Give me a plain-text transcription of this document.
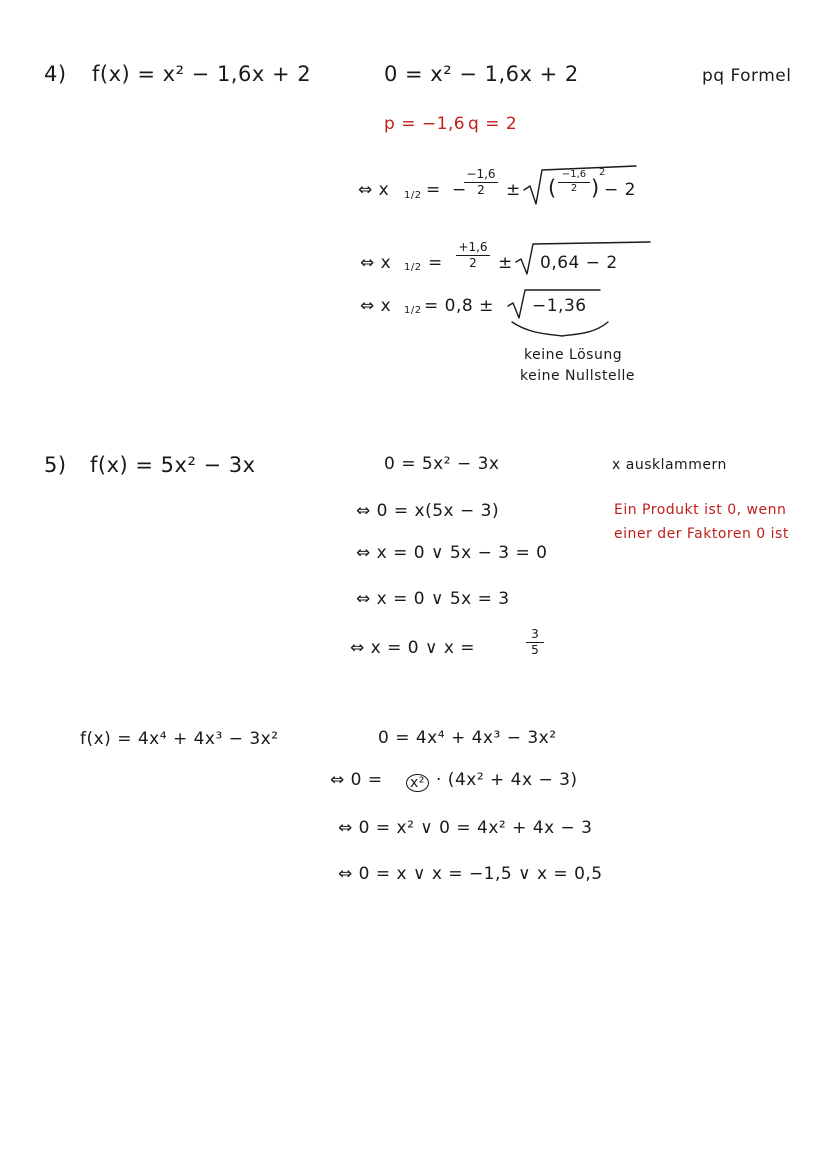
4) f(x) = x² − 1,6x + 2	0 = x² − 1,6x + 2	pq Formel
p = −1,6 q = 2
⇔ x 1/2 = −
−1,6
2	± (
−1,6
2 )
2
− 2
⇔ x 1/2 =
+1,6
2	± 0,64 − 2
⇔ x 1/2 = 0,8 ± −1,36
keine Lösung
keine Nullstelle
5) f(x) = 5x² − 3x	0 = 5x² − 3x	x ausklammern
Ein Produkt ist 0, wenn
einer der Faktoren 0 ist
⇔ 0 = x(5x − 3)
⇔ x = 0 ∨ 5x − 3 = 0
⇔ x = 0 ∨ 5x = 3
⇔ x = 0 ∨ x =
3
5
f(x) = 4x⁴ + 4x³ − 3x²	0 = 4x⁴ + 4x³ − 3x²
⇔ 0 = x² · (4x² + 4x − 3)
⇔ 0 = x² ∨ 0 = 4x² + 4x − 3
⇔ 0 = x ∨ x = −1,5 ∨ x = 0,5
